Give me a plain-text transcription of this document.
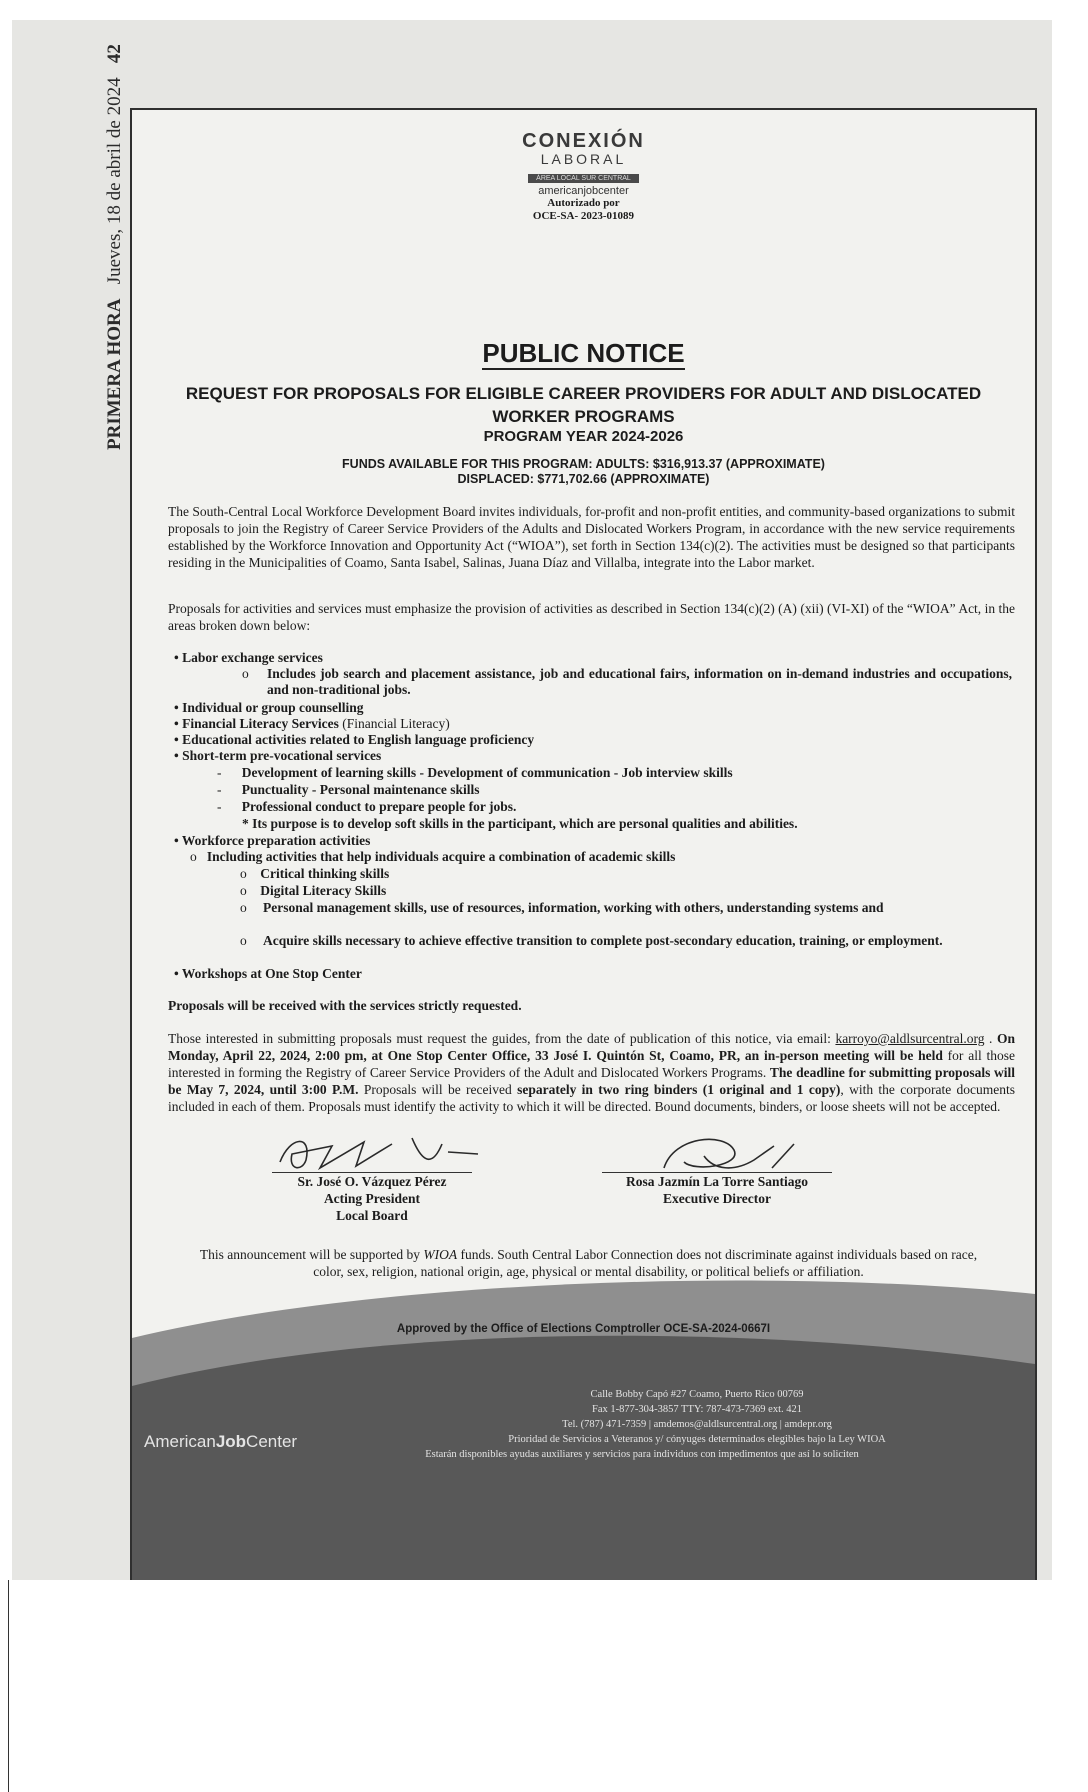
PRIMERA HORA   Jueves, 18 de abril de 2024   42
CONEXIÓN
LABORAL
ÁREA LOCAL SUR CENTRAL
americanjobcenter
Autorizado por
OCE-SA- 2023-01089
PUBLIC NOTICE
REQUEST FOR PROPOSALS FOR ELIGIBLE CAREER PROVIDERS FOR ADULT AND DISLOCATED WORKER PROGRAMS
PROGRAM YEAR 2024-2026
FUNDS AVAILABLE FOR THIS PROGRAM: ADULTS: $316,913.37 (APPROXIMATE)
DISPLACED: $771,702.66 (APPROXIMATE)

The South-Central Local Workforce Development Board invites individuals, for-profit and non-profit entities, and community-based organizations to submit proposals to join the Registry of Career Service Providers of the Adults and Dislocated Workers Program, in accordance with the new service requirements established by the Workforce Innovation and Opportunity Act (“WIOA”), set forth in Section 134(c)(2). The activities must be designed so that participants residing in the Municipalities of Coamo, Santa Isabel, Salinas, Juana Díaz and Villalba, integrate into the Labor market.

Proposals for activities and services must emphasize the provision of activities as described in Section 134(c)(2) (A) (xii) (VI-XI) of the “WIOA” Act, in the areas broken down below:

• Labor exchange services
o Includes job search and placement assistance, job and educational fairs, information on in-demand industries and occupations, and non-traditional jobs.
• Individual or group counselling
• Financial Literacy Services (Financial Literacy)
• Educational activities related to English language proficiency
• Short-term pre-vocational services
- Development of learning skills - Development of communication - Job interview skills
- Punctuality - Personal maintenance skills
- Professional conduct to prepare people for jobs.
* Its purpose is to develop soft skills in the participant, which are personal qualities and abilities.
• Workforce preparation activities
o Including activities that help individuals acquire a combination of academic skills
o Critical thinking skills
o Digital Literacy Skills
o Personal management skills, use of resources, information, working with others, understanding systems and
o Acquire skills necessary to achieve effective transition to complete post-secondary education, training, or employment.
• Workshops at One Stop Center
Proposals will be received with the services strictly requested.

Those interested in submitting proposals must request the guides, from the date of publication of this notice, via email: karroyo@aldlsurcentral.org . On Monday, April 22, 2024, 2:00 pm, at One Stop Center Office, 33 José I. Quintón St, Coamo, PR, an in-person meeting will be held for all those interested in forming the Registry of Career Service Providers of the Adult and Dislocated Workers Programs. The deadline for submitting proposals will be May 7, 2024, until 3:00 P.M. Proposals will be received separately in two ring binders (1 original and 1 copy), with the corporate documents included in each of them. Proposals must identify the activity to which it will be directed. Bound documents, binders, or loose sheets will not be accepted.

Sr. José O. Vázquez Pérez
Acting President
Local Board
Rosa Jazmín La Torre Santiago
Executive Director

This announcement will be supported by WIOA funds. South Central Labor Connection does not discriminate against individuals based on race, color, sex, religion, national origin, age, physical or mental disability, or political beliefs or affiliation.

Approved by the Office of Elections Comptroller OCE-SA-2024-0667I
AmericanJobCenter
Calle Bobby Capó #27 Coamo, Puerto Rico 00769
Fax 1-877-304-3857 TTY: 787-473-7369 ext. 421
Tel. (787) 471-7359 | amdemos@aldlsurcentral.org | amdepr.org
Prioridad de Servicios a Veteranos y/ cónyuges determinados elegibles bajo la Ley WIOA
Estarán disponibles ayudas auxiliares y servicios para individuos con impedimentos que así lo soliciten
